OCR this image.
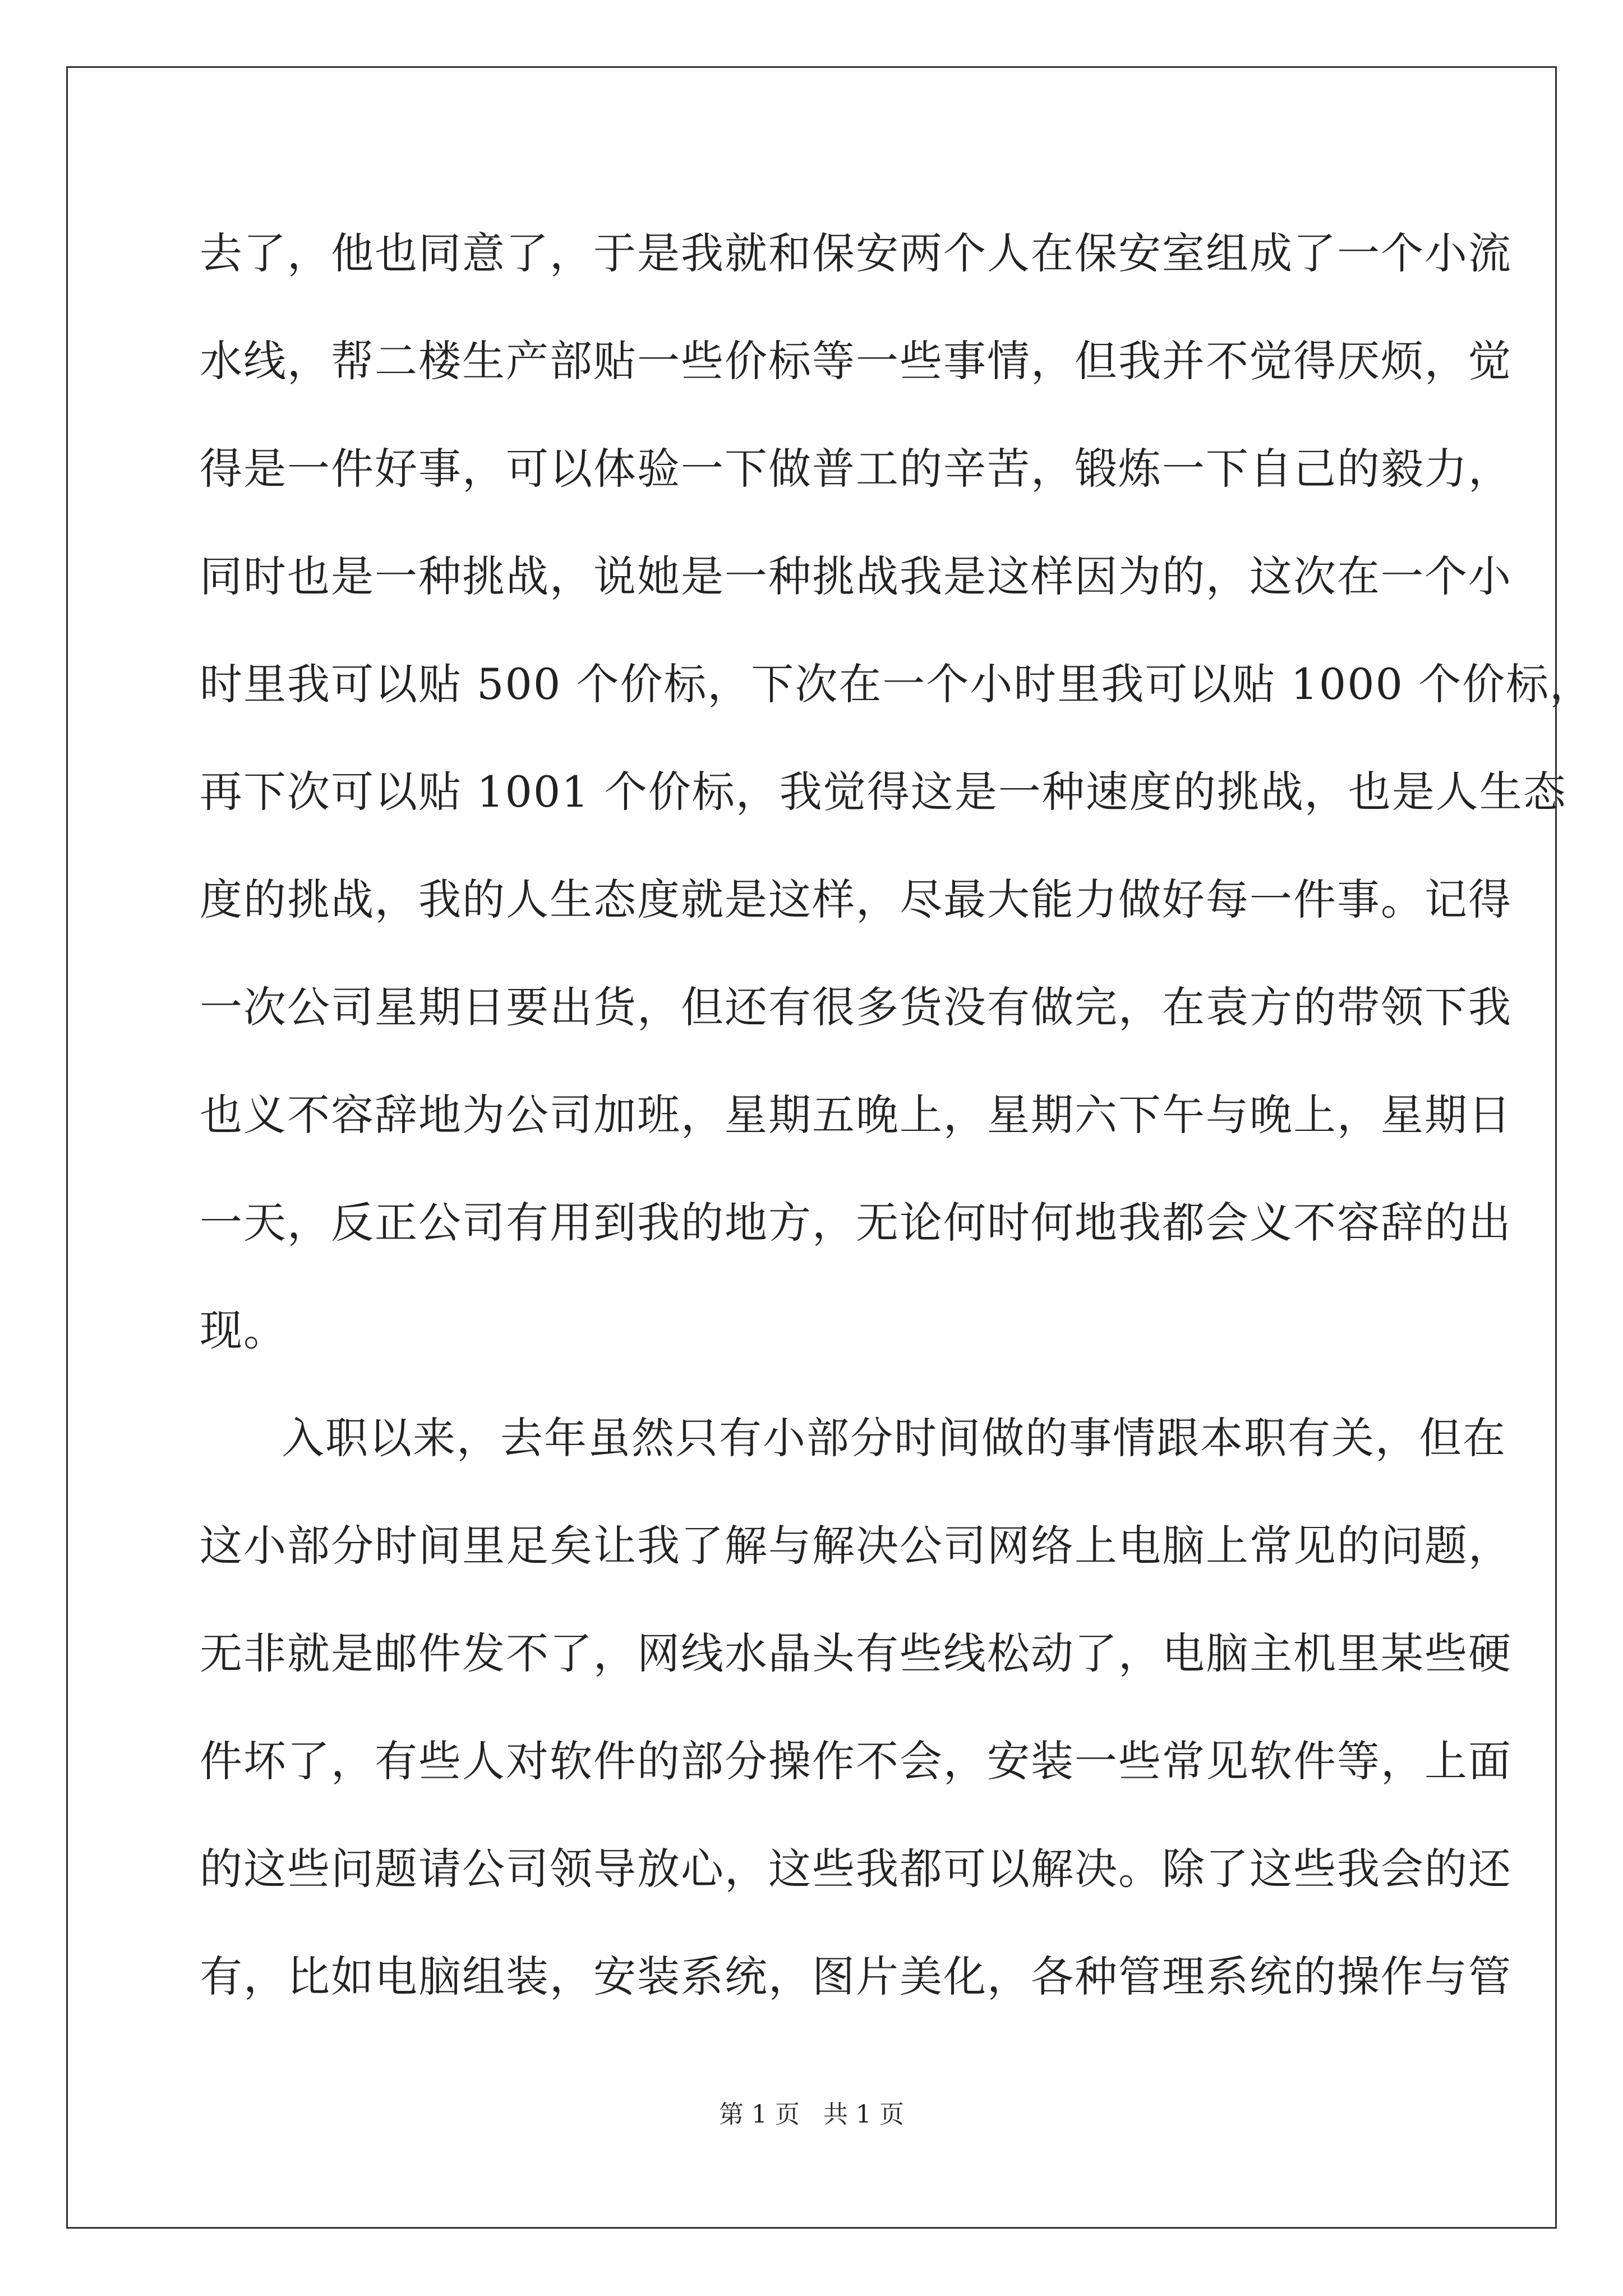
去了，他也同意了，于是我就和保安两个人在保安室组成了一个小流
水线，帮二楼生产部贴一些价标等一些事情，但我并不觉得厌烦，觉
得是一件好事，可以体验一下做普工的辛苦，锻炼一下自己的毅力，
同时也是一种挑战，说她是一种挑战我是这样因为的，这次在一个小
时里我可以贴 500 个价标，下次在一个小时里我可以贴 1000 个价标，
再下次可以贴 1001 个价标，我觉得这是一种速度的挑战，也是人生态
度的挑战，我的人生态度就是这样，尽最大能力做好每一件事。记得
一次公司星期日要出货，但还有很多货没有做完，在袁方的带领下我
也义不容辞地为公司加班，星期五晚上，星期六下午与晚上，星期日
一天，反正公司有用到我的地方，无论何时何地我都会义不容辞的出
现。
入职以来，去年虽然只有小部分时间做的事情跟本职有关，但在
这小部分时间里足矣让我了解与解决公司网络上电脑上常见的问题，
无非就是邮件发不了，网线水晶头有些线松动了，电脑主机里某些硬
件坏了，有些人对软件的部分操作不会，安装一些常见软件等，上面
的这些问题请公司领导放心，这些我都可以解决。除了这些我会的还
有，比如电脑组装，安装系统，图片美化，各种管理系统的操作与管
第 1 页   共 1 页
